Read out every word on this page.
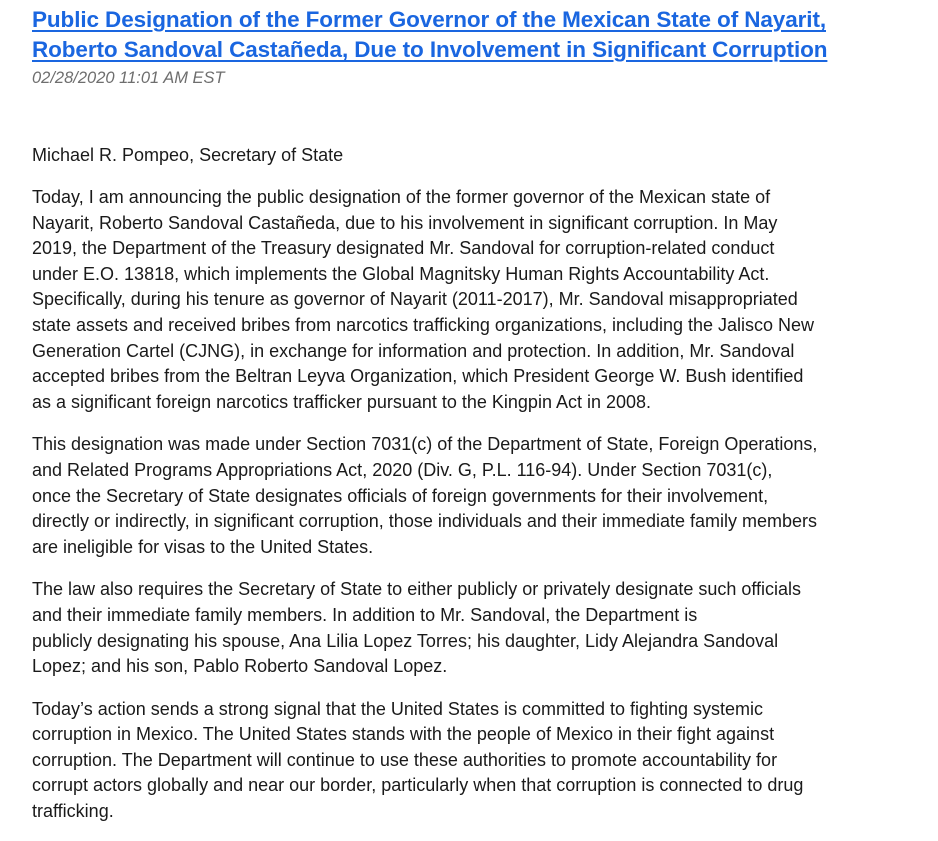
Public Designation of the Former Governor of the Mexican State of Nayarit,
Roberto Sandoval Castañeda, Due to Involvement in Significant Corruption
02/28/2020 11:01 AM EST
Michael R. Pompeo, Secretary of State
Today, I am announcing the public designation of the former governor of the Mexican state of
Nayarit, Roberto Sandoval Castañeda, due to his involvement in significant corruption. In May
2019, the Department of the Treasury designated Mr. Sandoval for corruption-related conduct
under E.O. 13818, which implements the Global Magnitsky Human Rights Accountability Act.
Specifically, during his tenure as governor of Nayarit (2011-2017), Mr. Sandoval misappropriated
state assets and received bribes from narcotics trafficking organizations, including the Jalisco New
Generation Cartel (CJNG), in exchange for information and protection. In addition, Mr. Sandoval
accepted bribes from the Beltran Leyva Organization, which President George W. Bush identified
as a significant foreign narcotics trafficker pursuant to the Kingpin Act in 2008.
This designation was made under Section 7031(c) of the Department of State, Foreign Operations,
and Related Programs Appropriations Act, 2020 (Div. G, P.L. 116-94). Under Section 7031(c),
once the Secretary of State designates officials of foreign governments for their involvement,
directly or indirectly, in significant corruption, those individuals and their immediate family members
are ineligible for visas to the United States.
The law also requires the Secretary of State to either publicly or privately designate such officials
and their immediate family members. In addition to Mr. Sandoval, the Department is
publicly designating his spouse, Ana Lilia Lopez Torres; his daughter, Lidy Alejandra Sandoval
Lopez; and his son, Pablo Roberto Sandoval Lopez.
Today’s action sends a strong signal that the United States is committed to fighting systemic
corruption in Mexico. The United States stands with the people of Mexico in their fight against
corruption. The Department will continue to use these authorities to promote accountability for
corrupt actors globally and near our border, particularly when that corruption is connected to drug
trafficking.
